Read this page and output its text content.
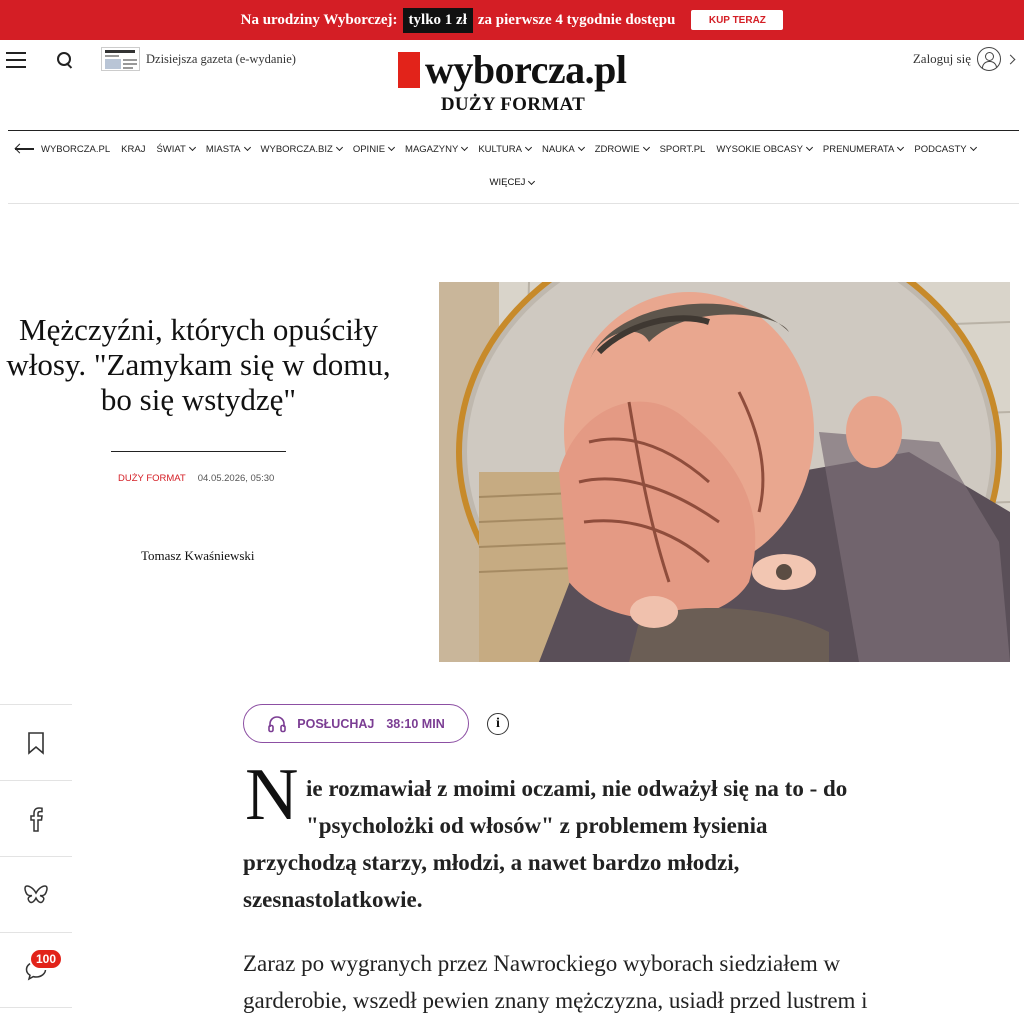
Na urodziny Wyborczej: tylko 1 zł za pierwsze 4 tygodnie dostępu	KUP TERAZ
Dzisiejsza gazeta (e-wydanie)	wyborcza.pl
DUŻY FORMAT
Zaloguj się
WYBORCZA.PL KRAJ ŚWIAT MIASTA WYBORCZA.BIZ OPINIE MAGAZYNY KULTURA NAUKA ZDROWIE SPORT.PL WYSOKIE OBCASY PRENUMERATA PODCASTY
WIĘCEJ
Mężczyźni, których opuściły włosy. "Zamykam się w domu, bo się wstydzę"
DUŻY FORMAT 04.05.2026, 05:30
Tomasz Kwaśniewski
100
POSŁUCHAJ 38:10 MIN	i
N ie rozmawiał z moimi oczami, nie odważył się na to - do
"psycholożki od włosów" z problemem łysienia
przychodzą starzy, młodzi, a nawet bardzo młodzi, szesnastolatkowie.

Zaraz po wygranych przez Nawrockiego wyborach siedziałem w garderobie, wszedł pewien znany mężczyzna, usiadł przed lustrem i
